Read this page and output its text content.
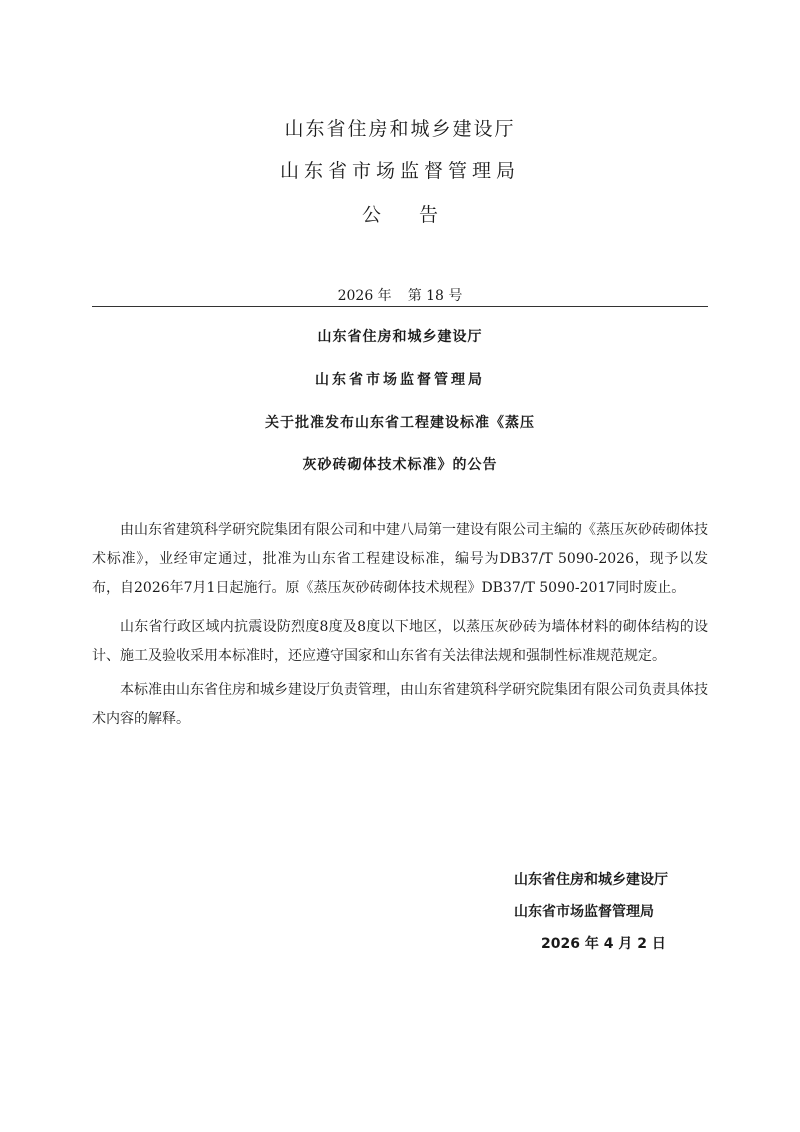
山东省住房和城乡建设厅
山东省市场监督管理局
公 告
2026 年 第 18 号
山东省住房和城乡建设厅
山东省市场监督管理局
关于批准发布山东省工程建设标准《蒸压
灰砂砖砌体技术标准》的公告
由山东省建筑科学研究院集团有限公司和中建八局第一建设有限公司主编的《蒸压灰砂砖砌体技术标准》，业经审定通过，批准为山东省工程建设标准，编号为DB37/T 5090-2026，现予以发布，自2026年7月1日起施行。原《蒸压灰砂砖砌体技术规程》DB37/T 5090-2017同时废止。
山东省行政区域内抗震设防烈度8度及8度以下地区，以蒸压灰砂砖为墙体材料的砌体结构的设计、施工及验收采用本标准时，还应遵守国家和山东省有关法律法规和强制性标准规范规定。
本标准由山东省住房和城乡建设厅负责管理，由山东省建筑科学研究院集团有限公司负责具体技术内容的解释。
山东省住房和城乡建设厅
山东省市场监督管理局
2026 年 4 月 2 日
